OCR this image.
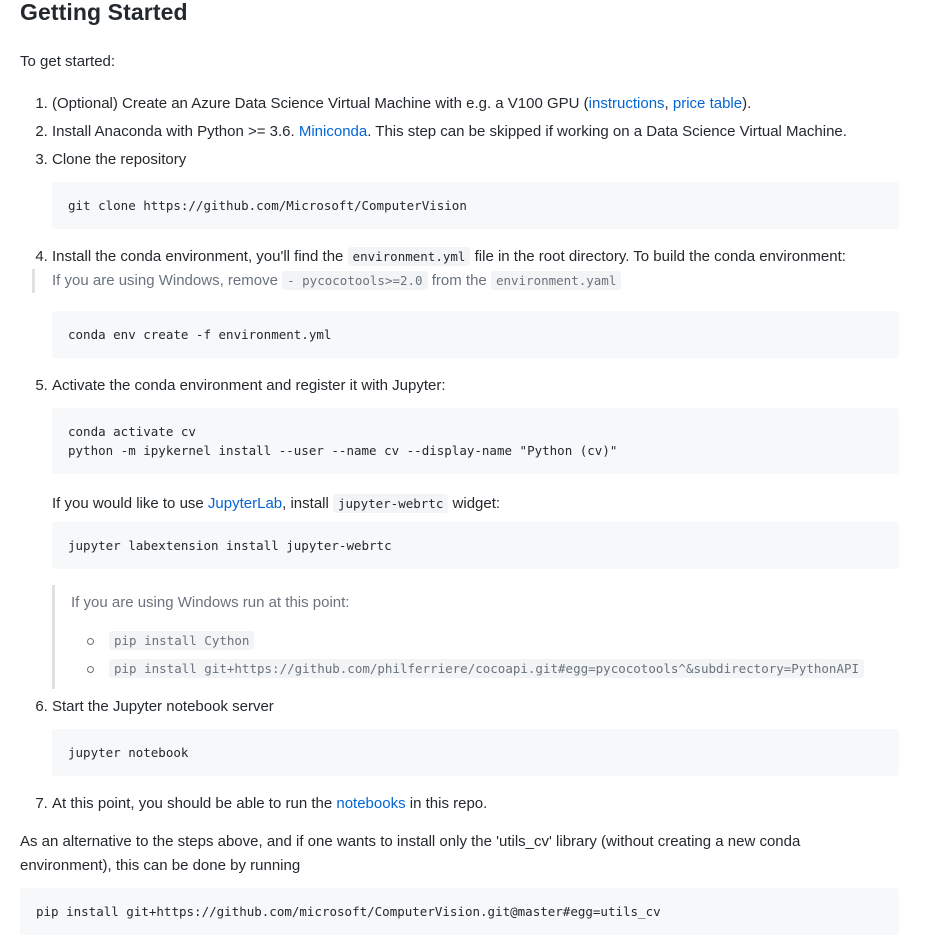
Getting Started

To get started:

1. (Optional) Create an Azure Data Science Virtual Machine with e.g. a V100 GPU (instructions, price table).
2. Install Anaconda with Python >= 3.6. Miniconda. This step can be skipped if working on a Data Science Virtual Machine.
3. Clone the repository
git clone https://github.com/Microsoft/ComputerVision
4. Install the conda environment, you'll find the environment.yml file in the root directory. To build the conda environment:
If you are using Windows, remove - pycocotools>=2.0 from the environment.yaml
conda env create -f environment.yml
5. Activate the conda environment and register it with Jupyter:
conda activate cv
python -m ipykernel install --user --name cv --display-name "Python (cv)"

If you would like to use JupyterLab, install jupyter-webrtc widget:

jupyter labextension install jupyter-webrtc

If you are using Windows run at this point:

pip install Cython
pip install git+https://github.com/philferriere/cocoapi.git#egg=pycocotools^&subdirectory=PythonAPI
6. Start the Jupyter notebook server
jupyter notebook
7. At this point, you should be able to run the notebooks in this repo.

As an alternative to the steps above, and if one wants to install only the 'utils_cv' library (without creating a new conda environment), this can be done by running

pip install git+https://github.com/microsoft/ComputerVision.git@master#egg=utils_cv
